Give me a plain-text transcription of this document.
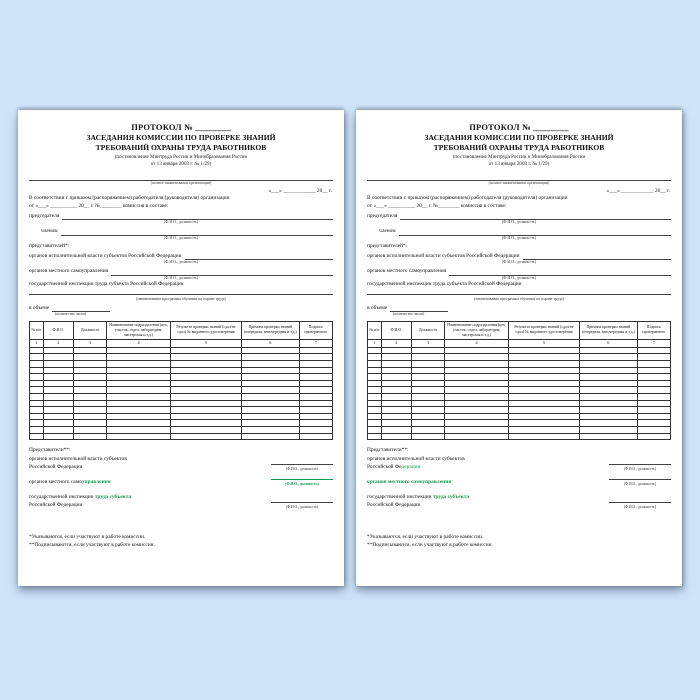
ПРОТОКОЛ № ________
ЗАСЕДАНИЯ КОМИССИИ ПО ПРОВЕРКЕ ЗНАНИЙ
ТРЕБОВАНИЙ ОХРАНЫ ТРУДА РАБОТНИКОВ
(постановление Минтруда России и Минобразования России
от 13 января 2003 г. № 1/29)
(полное наименование организации)
«___» ____________ 20__ г.
В соответствии с приказом (распоряжением) работодателя (руководителя) организации
от «___» __________ 20__ г. №________ комиссия в составе:
председателя
(Ф.И.О., должность)
членов:
(Ф.И.О., должность)
представителей*:
органов исполнительной власти субъектов Российской Федерации
(Ф.И.О., должность)
органов местного самоуправления
(Ф.И.О., должность)
государственной инспекции труда субъекта Российской Федерации
(наименование программы обучения по охране труда)
в объеме
(количество часов)
№ п/п	Ф.И.О.	Должность	Наименование подразделения (цех, участок, отдел, лаборатория, мастерская и т.д.)	Результат проверки знаний (сдал/не сдал) № выданного удостоверения	Причина проверки знаний (очередная, внеочередная и т.д.)	Подпись проверяемого
1	2	3	4	5	6	7

Представители**:
органов исполнительной власти субъектов
Российской Федерации	(Ф.И.О., должность)
органов местного самоуправления	(Ф.И.О., должность)
государственной инспекции труда субъекта
Российской Федерации	(Ф.И.О., должность)
*Указываются, если участвуют в работе комиссии.
**Подписываются, если участвуют в работе комиссии.
ПРОТОКОЛ № ________
ЗАСЕДАНИЯ КОМИССИИ ПО ПРОВЕРКЕ ЗНАНИЙ
ТРЕБОВАНИЙ ОХРАНЫ ТРУДА РАБОТНИКОВ
(постановление Минтруда России и Минобразования России
от 13 января 2003 г. № 1/29)
(полное наименование организации)
«___» ____________ 20__ г.
В соответствии с приказом (распоряжением) работодателя (руководителя) организации
от «___» __________ 20__ г. №________ комиссия в составе:
председателя
(Ф.И.О., должность)
членов:
(Ф.И.О., должность)
представителей*:
органов исполнительной власти субъектов Российской Федерации
(Ф.И.О., должность)
органов местного самоуправления
(Ф.И.О., должность)
государственной инспекции труда субъекта Российской Федерации
(наименование программы обучения по охране труда)
в объеме
(количество часов)
№ п/п	Ф.И.О.	Должность	Наименование подразделения (цех, участок, отдел, лаборатория, мастерская и т.д.)	Результат проверки знаний (сдал/не сдал) № выданного удостоверения	Причина проверки знаний (очередная, внеочередная и т.д.)	Подпись проверяемого
1	2	3	4	5	6	7

Представители**:
органов исполнительной власти субъектов
Российской Федерации	(Ф.И.О., должность)
органов местного самоуправления	(Ф.И.О., должность)
государственной инспекции труда субъекта
Российской Федерации	(Ф.И.О., должность)
*Указываются, если участвуют в работе комиссии.
**Подписываются, если участвуют в работе комиссии.
